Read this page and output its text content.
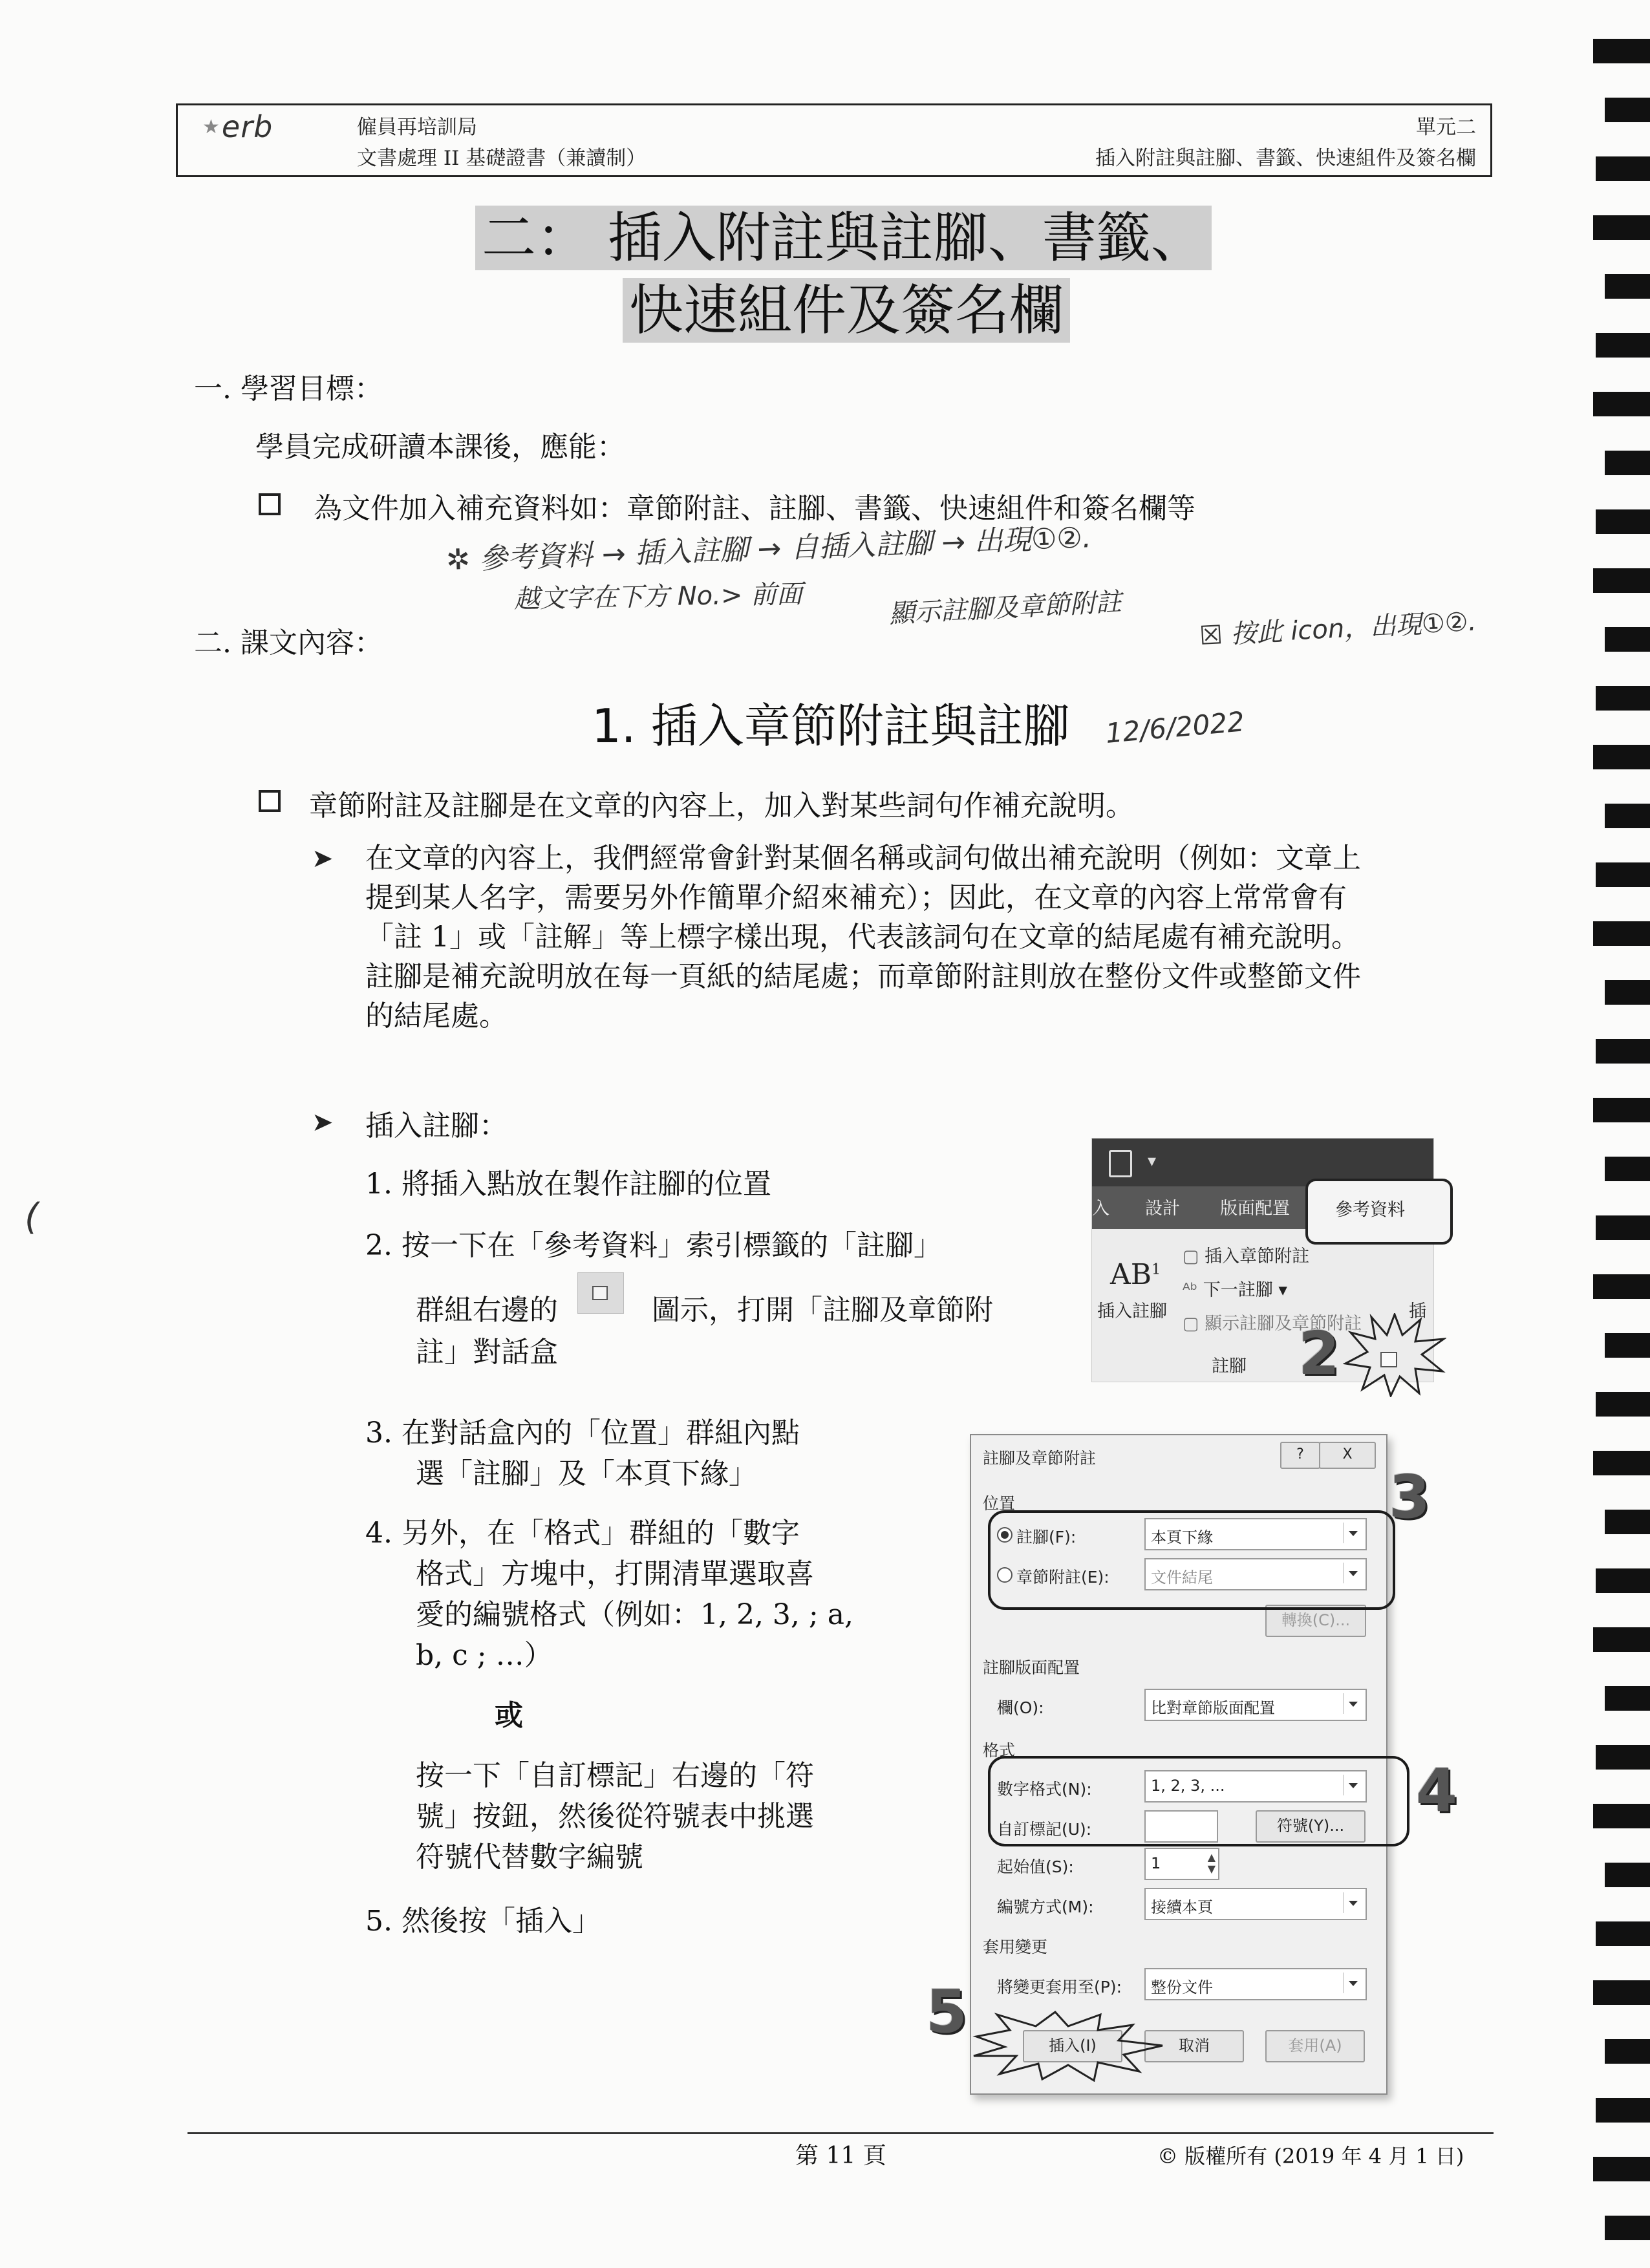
★erb	僱員再培訓局
文書處理 II 基礎證書（兼讀制）
單元二
插入附註與註腳、書籤、快速組件及簽名欄
二： 插入附註與註腳、書籤、
快速組件及簽名欄
一. 學習目標：
學員完成研讀本課後，應能：
為文件加入補充資料如：章節附註、註腳、書籤、快速組件和簽名欄等
✲ 參考資料 → 插入註腳 → 自插入註腳 → 出現①②.
越文字在下方 No.> 前面	顯示註腳及章節附註	☒ 按此 icon，出現①②.
12/6/2022
二. 課文內容：
1. 插入章節附註與註腳
章節附註及註腳是在文章的內容上，加入對某些詞句作補充說明。
➤ 在文章的內容上，我們經常會針對某個名稱或詞句做出補充說明（例如：文章上
提到某人名字，需要另外作簡單介紹來補充）；因此，在文章的內容上常常會有
「註 1」或「註解」等上標字樣出現，代表該詞句在文章的結尾處有補充說明。
註腳是補充說明放在每一頁紙的結尾處；而章節附註則放在整份文件或整節文件
的結尾處。
➤ 插入註腳：
1. 將插入點放在製作註腳的位置
2. 按一下在「參考資料」索引標籤的「註腳」
群組右邊的	圖示，打開「註腳及章節附
註」對話盒
3. 在對話盒內的「位置」群組內點
選「註腳」及「本頁下緣」
4. 另外，在「格式」群組的「數字
格式」方塊中，打開清單選取喜
愛的編號格式（例如：1, 2, 3, ; a,
b, c ; …）
或
按一下「自訂標記」右邊的「符
號」按鈕，然後從符號表中挑選
符號代替數字編號
5. 然後按「插入」
(
▾
入 設計 版面配置	參考資料
$AB^1$
插入註腳
▢ 插入章節附註
ᴬᵇ 下一註腳 ▾
▢ 顯示註腳及章節附註
插
註腳 2
註腳及章節附註	?	X
位置
註腳(F):	本頁下緣
章節附註(E):	文件結尾
轉換(C)...
註腳版面配置
欄(O):	比對章節版面配置
格式
數字格式(N):	1, 2, 3, ...
自訂標記(U):	符號(Y)...
起始值(S):	1	▲
▼
編號方式(M):	接續本頁
套用變更
將變更套用至(P): 整份文件
插入(I)	取消	套用(A)
3
4
5
第 11 頁	© 版權所有 (2019 年 4 月 1 日)
